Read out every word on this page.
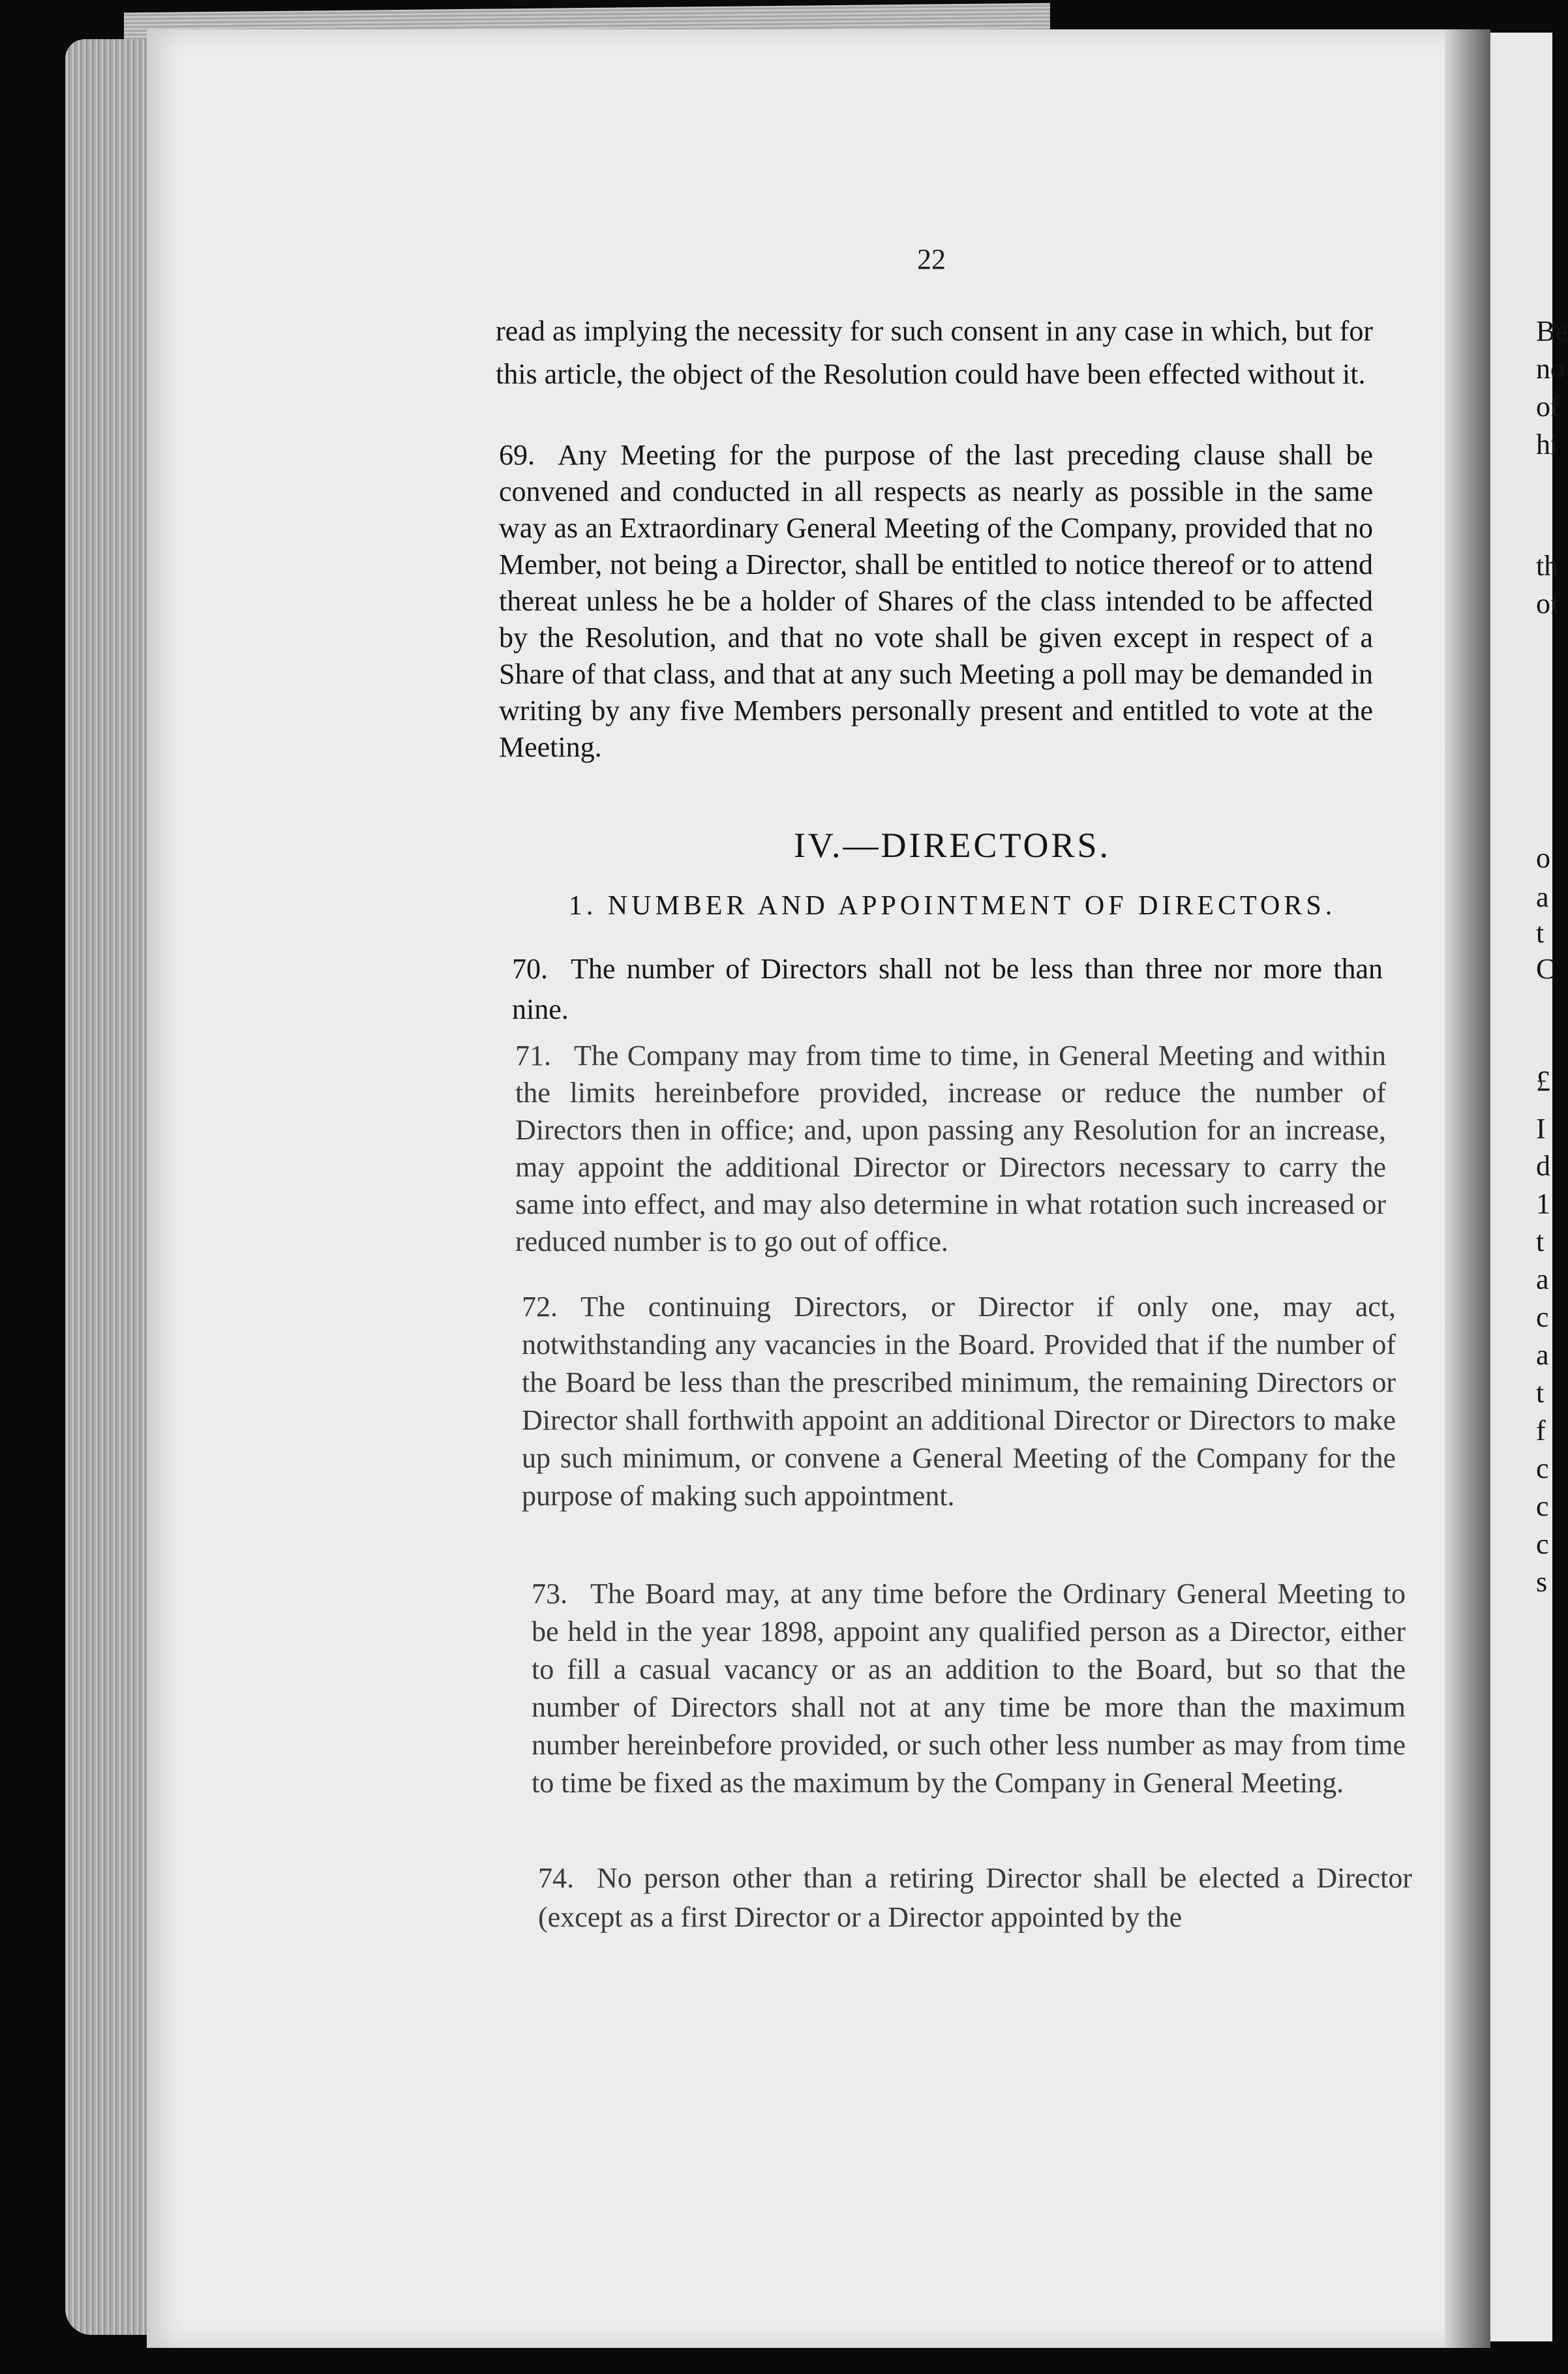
22
read as implying the necessity for such consent in any case in which, but for this article, the object of the Resolution could have been effected without it.
69. Any Meeting for the purpose of the last preceding clause shall be convened and conducted in all respects as nearly as possible in the same way as an Extraordinary General Meeting of the Company, provided that no Member, not being a Director, shall be entitled to notice thereof or to attend thereat unless he be a holder of Shares of the class intended to be affected by the Resolution, and that no vote shall be given except in respect of a Share of that class, and that at any such Meeting a poll may be demanded in writing by any five Members personally present and entitled to vote at the Meeting.
IV.—DIRECTORS.
1. NUMBER AND APPOINTMENT OF DIRECTORS.
70. The number of Directors shall not be less than three nor more than nine.
71. The Company may from time to time, in General Meeting and within the limits hereinbefore provided, increase or reduce the number of Directors then in office; and, upon passing any Resolution for an increase, may appoint the additional Director or Directors necessary to carry the same into effect, and may also determine in what rotation such increased or reduced number is to go out of office.
72. The continuing Directors, or Director if only one, may act, notwithstanding any vacancies in the Board. Provided that if the number of the Board be less than the prescribed minimum, the remaining Directors or Director shall forthwith appoint an additional Director or Directors to make up such minimum, or convene a General Meeting of the Company for the purpose of making such appointment.
73. The Board may, at any time before the Ordinary General Meeting to be held in the year 1898, appoint any qualified person as a Director, either to fill a casual vacancy or as an addition to the Board, but so that the number of Directors shall not at any time be more than the maximum number hereinbefore provided, or such other less number as may from time to time be fixed as the maximum by the Company in General Meeting.
74. No person other than a retiring Director shall be elected a Director (except as a first Director or a Director appointed by the
Be
no
of
hi
th
of
o
a
t
C
£
I
d
1
t
a
c
a
t
f
c
c
c
s
